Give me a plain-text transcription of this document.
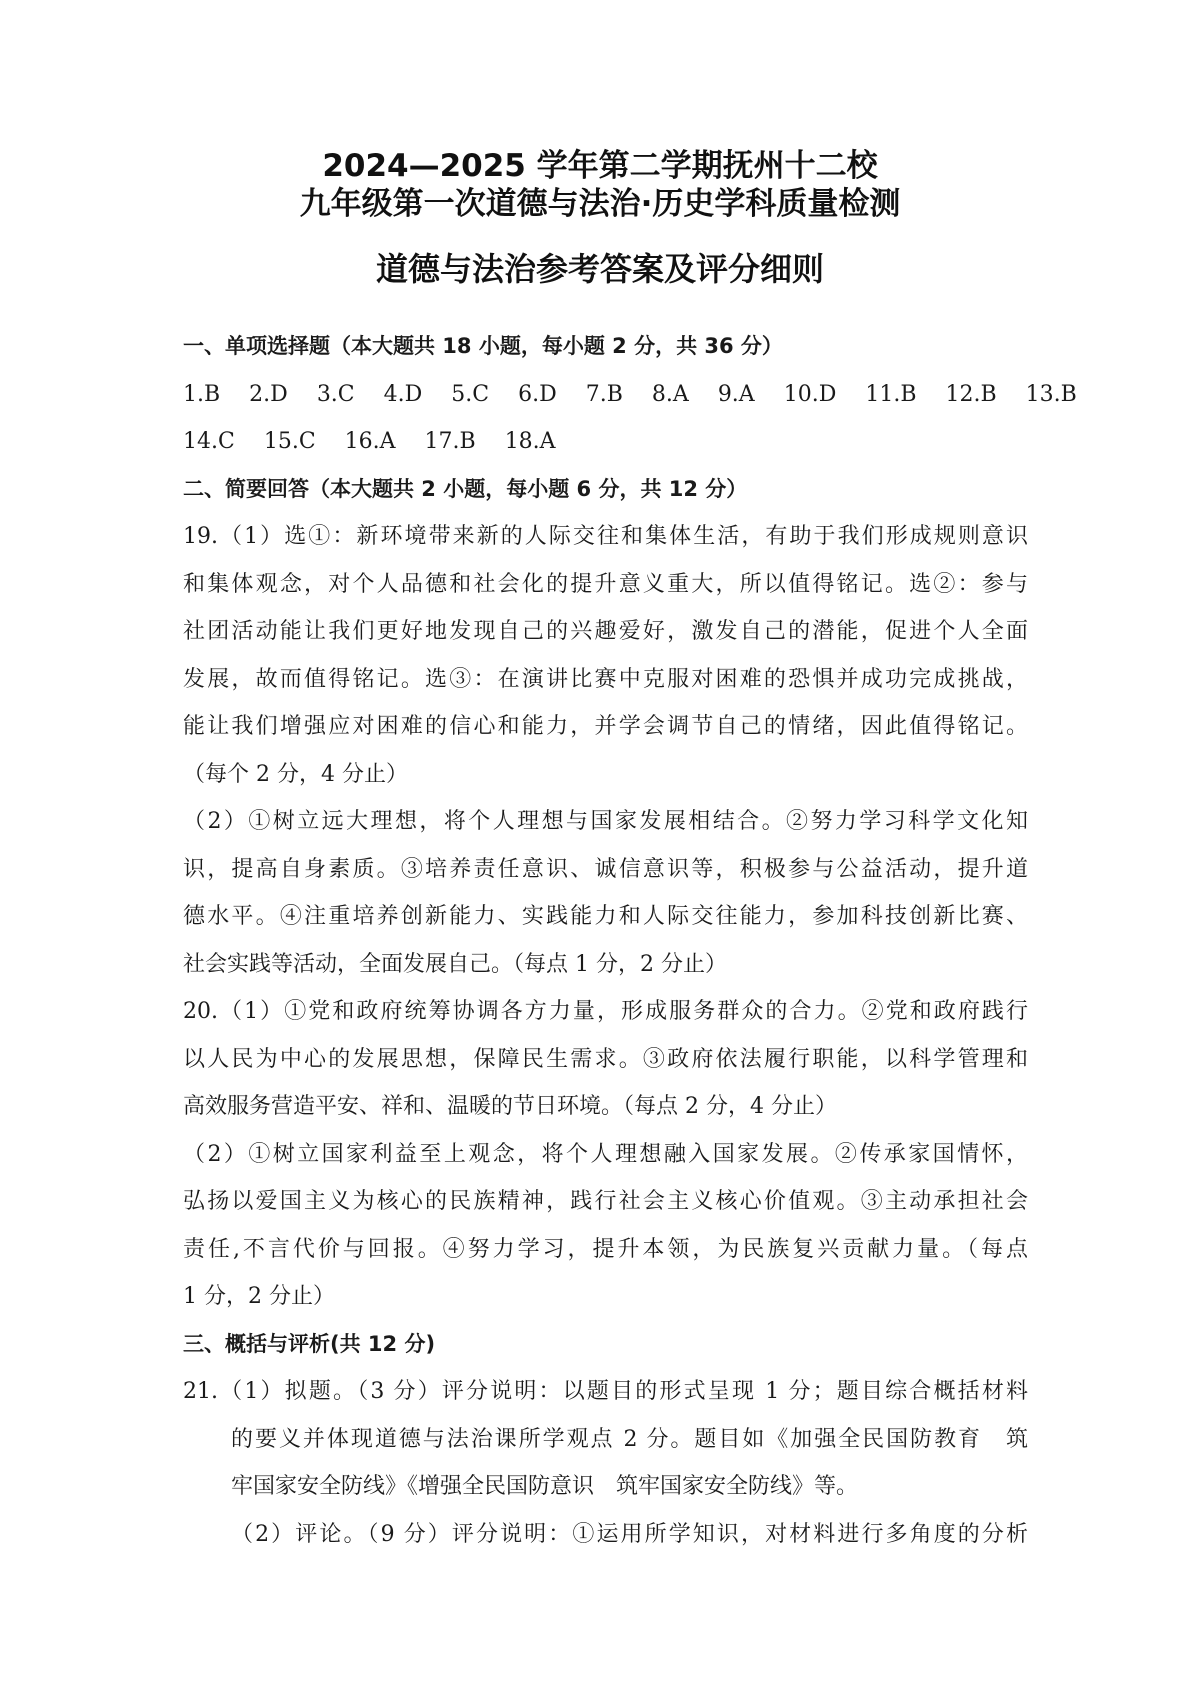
2024—2025 学年第二学期抚州十二校
九年级第一次道德与法治·历史学科质量检测
道德与法治参考答案及评分细则
一、单项选择题（本大题共 18 小题，每小题 2 分，共 36 分）
1.B 2.D 3.C 4.D 5.C 6.D 7.B 8.A 9.A 10.D 11.B 12.B 13.B
14.C 15.C 16.A 17.B 18.A
二、简要回答（本大题共 2 小题，每小题 6 分，共 12 分）
19.（1）选①：新环境带来新的人际交往和集体生活，有助于我们形成规则意识
和集体观念，对个人品德和社会化的提升意义重大，所以值得铭记。选②：参与
社团活动能让我们更好地发现自己的兴趣爱好，激发自己的潜能，促进个人全面
发展，故而值得铭记。选③：在演讲比赛中克服对困难的恐惧并成功完成挑战，
能让我们增强应对困难的信心和能力，并学会调节自己的情绪，因此值得铭记。
（每个 2 分，4 分止）
（2）①树立远大理想，将个人理想与国家发展相结合。②努力学习科学文化知
识，提高自身素质。③培养责任意识、诚信意识等，积极参与公益活动，提升道
德水平。④注重培养创新能力、实践能力和人际交往能力，参加科技创新比赛、
社会实践等活动，全面发展自己。（每点 1 分，2 分止）
20.（1）①党和政府统筹协调各方力量，形成服务群众的合力。②党和政府践行
以人民为中心的发展思想，保障民生需求。③政府依法履行职能，以科学管理和
高效服务营造平安、祥和、温暖的节日环境。（每点 2 分，4 分止）
（2）①树立国家利益至上观念，将个人理想融入国家发展。②传承家国情怀，
弘扬以爱国主义为核心的民族精神，践行社会主义核心价值观。③主动承担社会
责任,不言代价与回报。④努力学习，提升本领，为民族复兴贡献力量。（每点
1 分，2 分止）
三、概括与评析(共 12 分)
21.（1）拟题。（3 分）评分说明：以题目的形式呈现 1 分；题目综合概括材料
的要义并体现道德与法治课所学观点 2 分。题目如《加强全民国防教育　筑
牢国家安全防线》《增强全民国防意识　筑牢国家安全防线》等。
（2）评论。（9 分）评分说明：①运用所学知识，对材料进行多角度的分析
